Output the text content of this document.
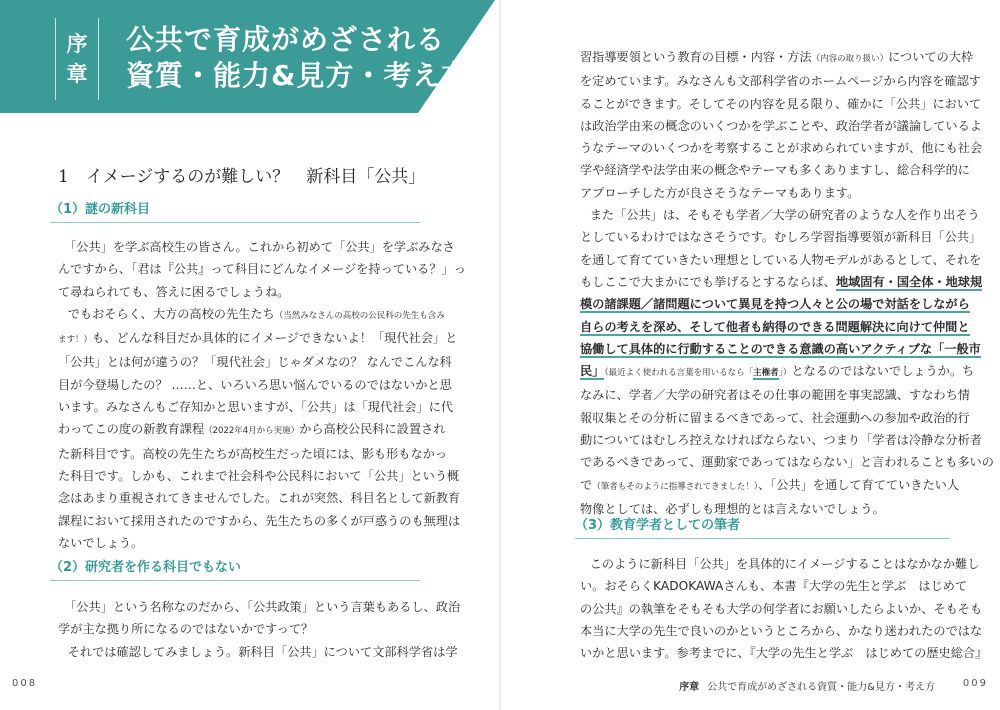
序
章
公共で育成がめざされる
資質・能力&見方・考え方
1　イメージするのが難しい？　新科目「公共」
（1）謎の新科目
「公共」を学ぶ高校生の皆さん。これから初めて「公共」を学ぶみなさ
んですから、「君は『公共』って科目にどんなイメージを持っている？」っ
て尋ねられても、答えに困るでしょうね。
でもおそらく、大方の高校の先生たち（当然みなさんの高校の公民科の先生も含み
ます！）も、どんな科目だか具体的にイメージできないよ！「現代社会」と
「公共」とは何が違うの？「現代社会」じゃダメなの？ なんでこんな科
目が今登場したの？ ……と、いろいろ思い悩んでいるのではないかと思
います。みなさんもご存知かと思いますが、「公共」は「現代社会」に代
わってこの度の新教育課程（2022年4月から実施）から高校公民科に設置され
た新科目です。高校の先生たちが高校生だった頃には、影も形もなかっ
た科目です。しかも、これまで社会科や公民科において「公共」という概
念はあまり重視されてきませんでした。これが突然、科目名として新教育
課程において採用されたのですから、先生たちの多くが戸惑うのも無理は
ないでしょう。
（2）研究者を作る科目でもない
「公共」という名称なのだから、「公共政策」という言葉もあるし、政治
学が主な拠り所になるのではないかですって？
それでは確認してみましょう。新科目「公共」について文部科学省は学
008
習指導要領という教育の目標・内容・方法（内容の取り扱い）についての大枠
を定めています。みなさんも文部科学省のホームページから内容を確認す
ることができます。そしてその内容を見る限り、確かに「公共」において
は政治学由来の概念のいくつかを学ぶことや、政治学者が議論しているよ
うなテーマのいくつかを考察することが求められていますが、他にも社会
学や経済学や法学由来の概念やテーマも多くありますし、総合科学的に
アプローチした方が良さそうなテーマもあります。
また「公共」は、そもそも学者／大学の研究者のような人を作り出そう
としているわけではなさそうです。むしろ学習指導要領が新科目「公共」
を通して育てていきたい理想としている人物モデルがあるとして、それを
もしここで大まかにでも挙げるとするならば、地域固有・国全体・地球規
模の諸課題／諸問題について異見を持つ人々と公の場で対話をしながら
自らの考えを深め、そして他者も納得のできる問題解決に向けて仲間と
協働して具体的に行動することのできる意識の高いアクティブな「一般市
民」（最近よく使われる言葉を用いるなら「主権者」）となるのではないでしょうか。ち
なみに、学者／大学の研究者はその仕事の範囲を事実認識、すなわち情
報収集とその分析に留まるべきであって、社会運動への参加や政治的行
動についてはむしろ控えなければならない、つまり「学者は冷静な分析者
であるべきであって、運動家であってはならない」と言われることも多いの
で（筆者もそのように指導されてきました！）、「公共」を通して育てていきたい人
物像としては、必ずしも理想的とは言えないでしょう。
（3）教育学者としての筆者
このように新科目「公共」を具体的にイメージすることはなかなか難し
い。おそらくKADOKAWAさんも、本書『大学の先生と学ぶ　はじめて
の公共』の執筆をそもそも大学の何学者にお願いしたらよいか、そもそも
本当に大学の先生で良いのかというところから、かなり迷われたのではな
いかと思います。参考までに、『大学の先生と学ぶ　はじめての歴史総合』
序章 公共で育成がめざされる資質・能力&見方・考え方	009
